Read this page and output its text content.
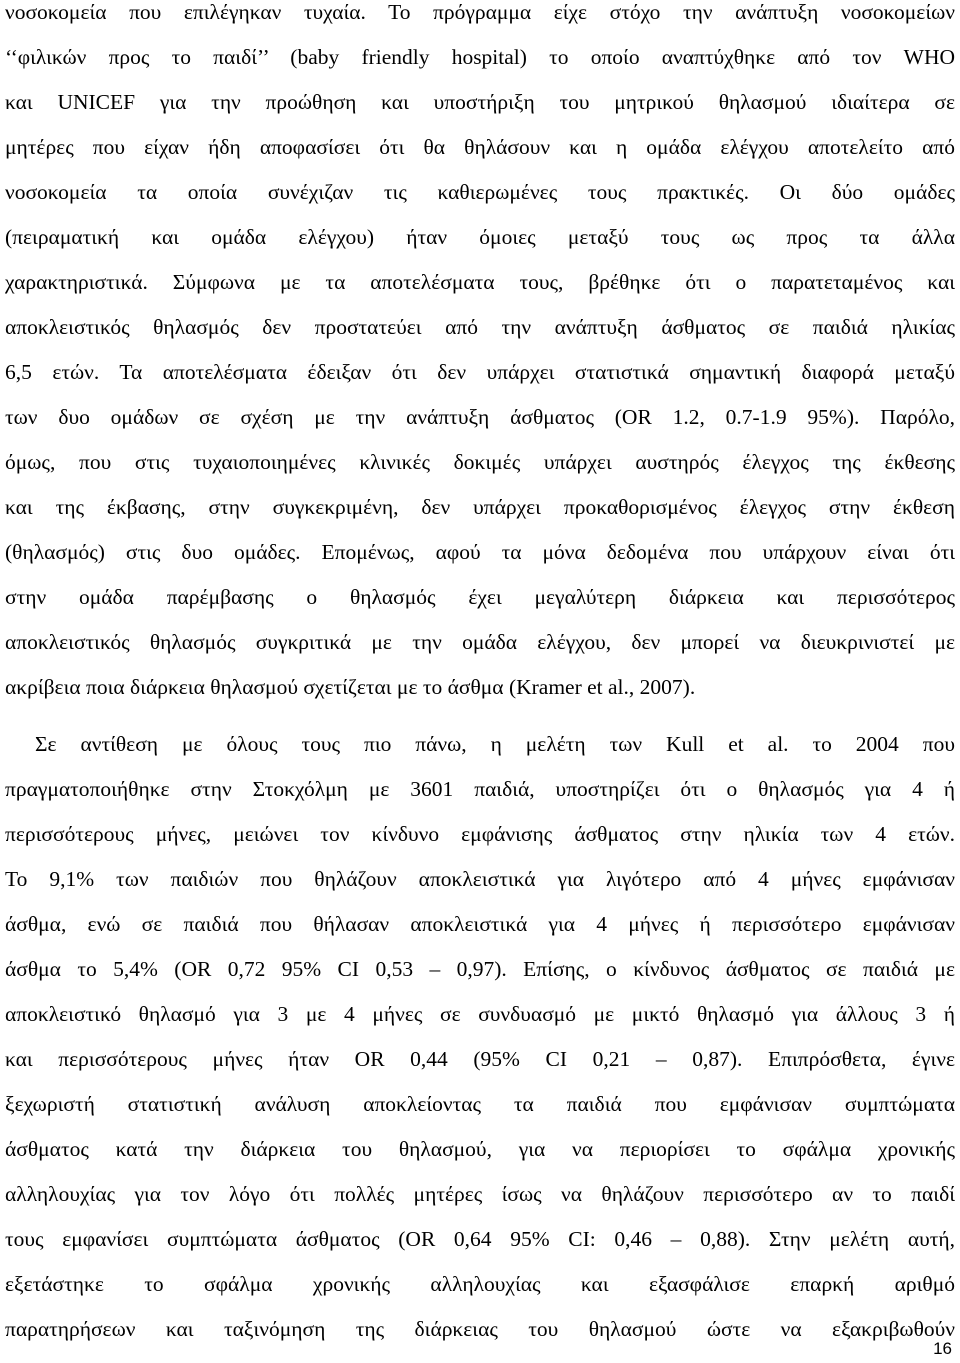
νοσοκομεία που επιλέγηκαν τυχαία. Το πρόγραμμα είχε στόχο την ανάπτυξη νοσοκομείων
‘‘φιλικών προς το παιδί’’ (baby friendly hospital) το οποίο αναπτύχθηκε από τον WHO
και UNICEF για την προώθηση και υποστήριξη του μητρικού θηλασμού ιδιαίτερα σε
μητέρες που είχαν ήδη αποφασίσει ότι θα θηλάσουν και η ομάδα ελέγχου αποτελείτο από
νοσοκομεία τα οποία συνέχιζαν τις καθιερωμένες τους πρακτικές. Οι δύο ομάδες
(πειραματική και ομάδα ελέγχου) ήταν όμοιες μεταξύ τους ως προς τα άλλα
χαρακτηριστικά. Σύμφωνα με τα αποτελέσματα τους, βρέθηκε ότι ο παρατεταμένος και
αποκλειστικός θηλασμός δεν προστατεύει από την ανάπτυξη άσθματος σε παιδιά ηλικίας
6,5 ετών. Τα αποτελέσματα έδειξαν ότι δεν υπάρχει στατιστικά σημαντική διαφορά μεταξύ
των δυο ομάδων σε σχέση με την ανάπτυξη άσθματος (OR 1.2, 0.7-1.9 95%). Παρόλο,
όμως, που στις τυχαιοποιημένες κλινικές δοκιμές υπάρχει αυστηρός έλεγχος της έκθεσης
και της έκβασης, στην συγκεκριμένη, δεν υπάρχει προκαθορισμένος έλεγχος στην έκθεση
(θηλασμός) στις δυο ομάδες. Επομένως, αφού τα μόνα δεδομένα που υπάρχουν είναι ότι
στην ομάδα παρέμβασης ο θηλασμός έχει μεγαλύτερη διάρκεια και περισσότερος
αποκλειστικός θηλασμός συγκριτικά με την ομάδα ελέγχου, δεν μπορεί να διευκρινιστεί με
ακρίβεια ποια διάρκεια θηλασμού σχετίζεται με το άσθμα (Kramer et al., 2007).
Σε αντίθεση με όλους τους πιο πάνω, η μελέτη των Kull et al. το 2004 που
πραγματοποιήθηκε στην Στοκχόλμη με 3601 παιδιά, υποστηρίζει ότι ο θηλασμός για 4 ή
περισσότερους μήνες, μειώνει τον κίνδυνο εμφάνισης άσθματος στην ηλικία των 4 ετών.
Το 9,1% των παιδιών που θηλάζουν αποκλειστικά για λιγότερο από 4 μήνες εμφάνισαν
άσθμα, ενώ σε παιδιά που θήλασαν αποκλειστικά για 4 μήνες ή περισσότερο εμφάνισαν
άσθμα το 5,4% (OR 0,72 95% CI 0,53 – 0,97). Επίσης, ο κίνδυνος άσθματος σε παιδιά με
αποκλειστικό θηλασμό για 3 με 4 μήνες σε συνδυασμό με μικτό θηλασμό για άλλους 3 ή
και περισσότερους μήνες ήταν OR 0,44 (95% CI 0,21 – 0,87). Επιπρόσθετα, έγινε
ξεχωριστή στατιστική ανάλυση αποκλείοντας τα παιδιά που εμφάνισαν συμπτώματα
άσθματος κατά την διάρκεια του θηλασμού, για να περιορίσει το σφάλμα χρονικής
αλληλουχίας για τον λόγο ότι πολλές μητέρες ίσως να θηλάζουν περισσότερο αν το παιδί
τους εμφανίσει συμπτώματα άσθματος (OR 0,64 95% CI: 0,46 – 0,88). Στην μελέτη αυτή,
εξετάστηκε το σφάλμα χρονικής αλληλουχίας και εξασφάλισε επαρκή αριθμό
παρατηρήσεων και ταξινόμηση της διάρκειας του θηλασμού ώστε να εξακριβωθούν
16
